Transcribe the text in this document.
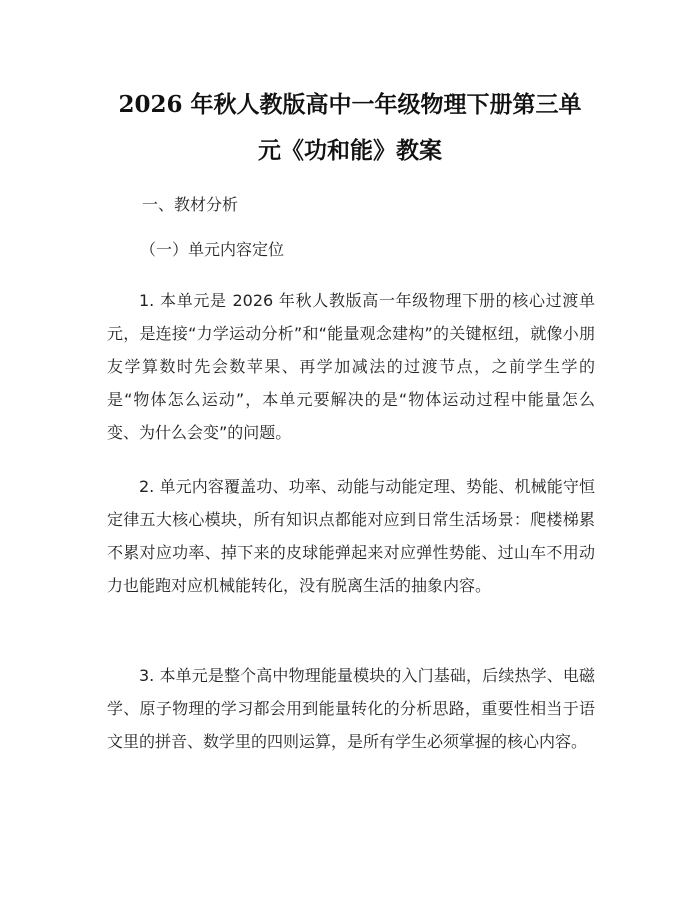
2026 年秋人教版高中一年级物理下册第三单
元《功和能》教案
一、教材分析
（一）单元内容定位
1. 本单元是 2026 年秋人教版高一年级物理下册的核心过渡单元，是连接“力学运动分析”和“能量观念建构”的关键枢纽，就像小朋友学算数时先会数苹果、再学加减法的过渡节点，之前学生学的是“物体怎么运动”，本单元要解决的是“物体运动过程中能量怎么变、为什么会变”的问题。
2. 单元内容覆盖功、功率、动能与动能定理、势能、机械能守恒定律五大核心模块，所有知识点都能对应到日常生活场景：爬楼梯累不累对应功率、掉下来的皮球能弹起来对应弹性势能、过山车不用动力也能跑对应机械能转化，没有脱离生活的抽象内容。
3. 本单元是整个高中物理能量模块的入门基础，后续热学、电磁学、原子物理的学习都会用到能量转化的分析思路，重要性相当于语文里的拼音、数学里的四则运算，是所有学生必须掌握的核心内容。
